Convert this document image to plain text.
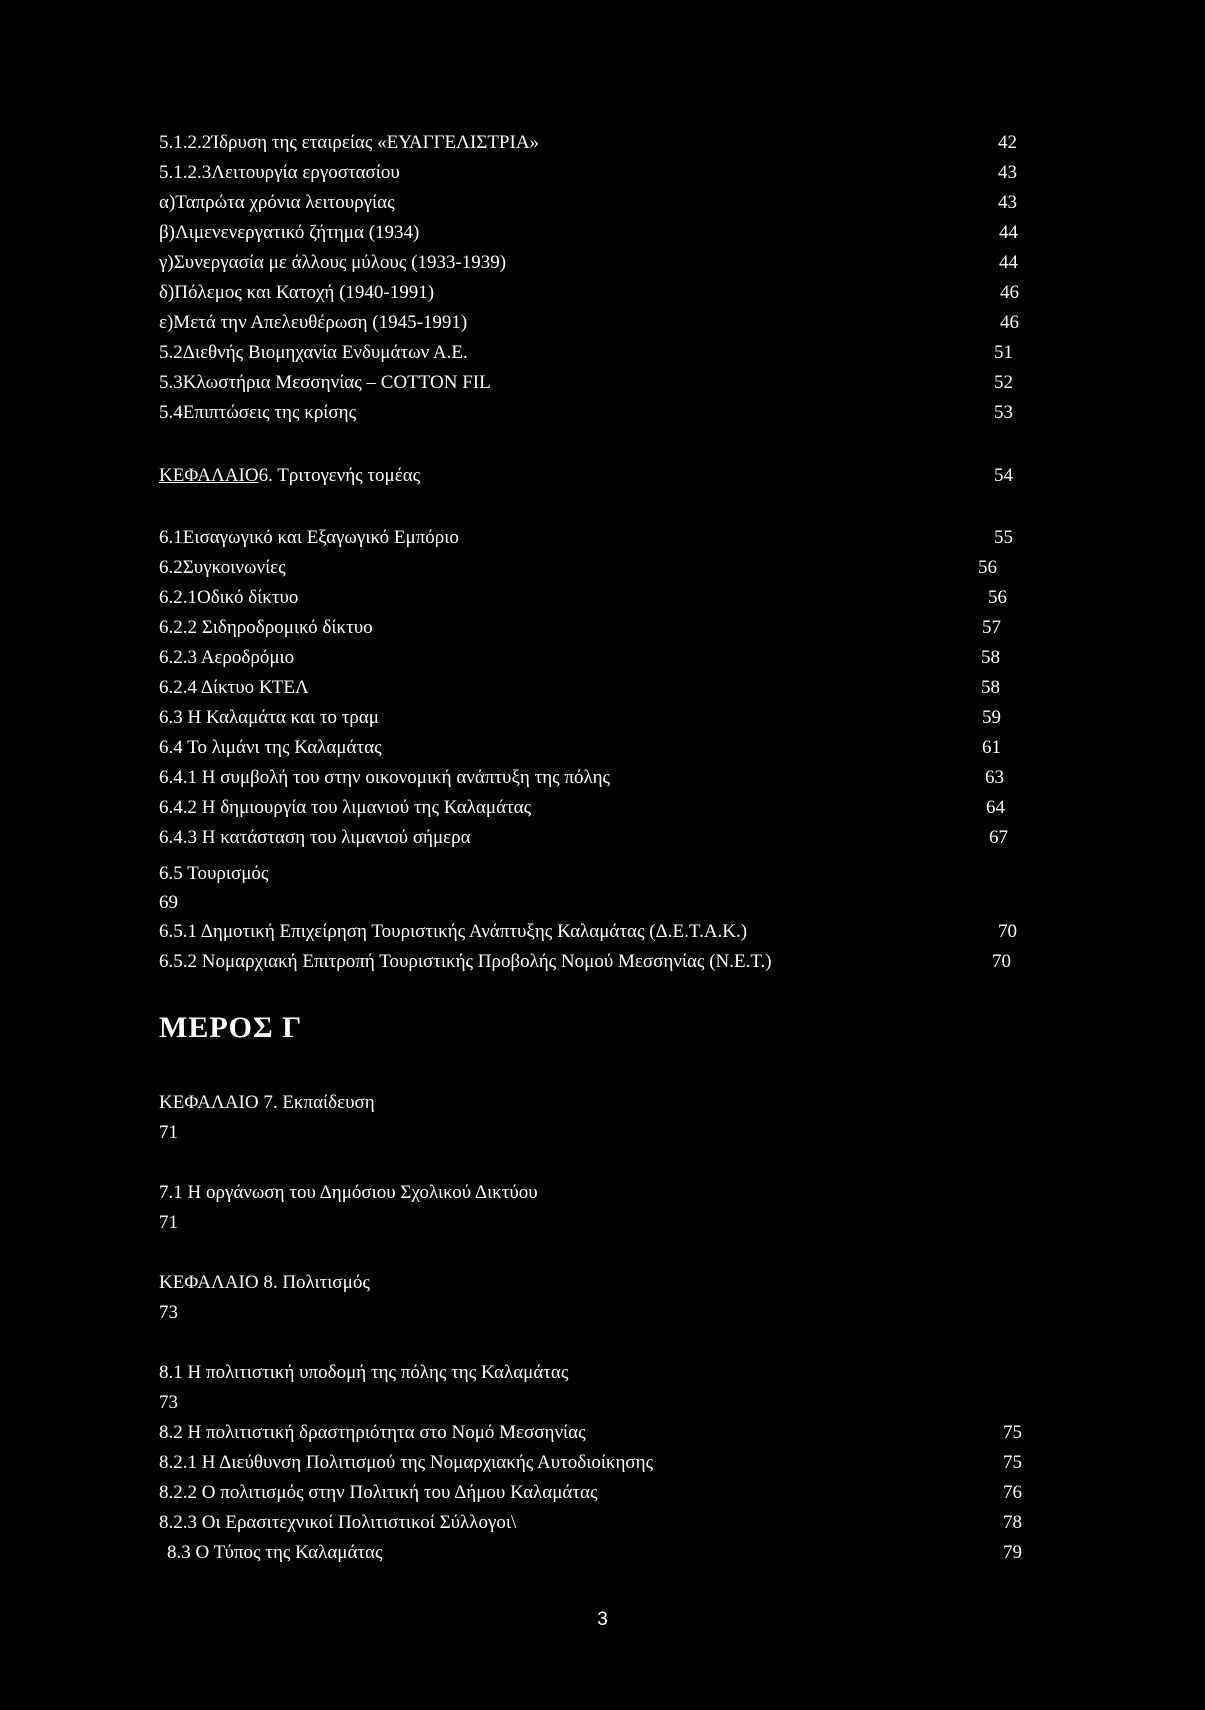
5.1.2.2Ίδρυση της εταιρείας «ΕΥΑΓΓΕΛΙΣΤΡΙΑ»	42
5.1.2.3Λειτουργία εργοστασίου	43
α)Ταπρώτα χρόνια λειτουργίας	43
β)Λιμενενεργατικό ζήτημα (1934)	44
γ)Συνεργασία με άλλους μύλους (1933-1939)	44
δ)Πόλεμος και Κατοχή (1940-1991)	46
ε)Μετά την Απελευθέρωση (1945-1991)	46
5.2Διεθνής Βιομηχανία Ενδυμάτων Α.Ε.	51
5.3Κλωστήρια Μεσσηνίας – COTTON FIL	52
5.4Επιπτώσεις της κρίσης	53
ΚΕΦΑΛΑΙΟ6. Τριτογενής τομέας	54
6.1Εισαγωγικό και Εξαγωγικό Εμπόριο	55
6.2Συγκοινωνίες	56
6.2.1Οδικό δίκτυο	56
6.2.2 Σιδηροδρομικό δίκτυο	57
6.2.3 Αεροδρόμιο	58
6.2.4 Δίκτυο ΚΤΕΛ	58
6.3 Η Καλαμάτα και το τραμ	59
6.4 Το λιμάνι της Καλαμάτας	61
6.4.1 Η συμβολή του στην οικονομική ανάπτυξη της πόλης	63
6.4.2 Η δημιουργία του λιμανιού της Καλαμάτας	64
6.4.3 Η κατάσταση του λιμανιού σήμερα	67
6.5 Τουρισμός
69
6.5.1 Δημοτική Επιχείρηση Τουριστικής Ανάπτυξης Καλαμάτας (Δ.Ε.Τ.Α.Κ.)	70
6.5.2 Νομαρχιακή Επιτροπή Τουριστικής Προβολής Νομού Μεσσηνίας (Ν.Ε.Τ.)	70
ΜΕΡΟΣ Γ
ΚΕΦΑΛΑΙΟ 7. Εκπαίδευση
71
7.1 Η οργάνωση του Δημόσιου Σχολικού Δικτύου
71
ΚΕΦΑΛΑΙΟ 8. Πολιτισμός
73
8.1 Η πολιτιστική υποδομή της πόλης της Καλαμάτας
73
8.2 Η πολιτιστική δραστηριότητα στο Νομό Μεσσηνίας	75
8.2.1 Η Διεύθυνση Πολιτισμού της Νομαρχιακής Αυτοδιοίκησης	75
8.2.2 Ο πολιτισμός στην Πολιτική του Δήμου Καλαμάτας	76
8.2.3 Οι Ερασιτεχνικοί Πολιτιστικοί Σύλλογοι\	78
8.3 Ο Τύπος της Καλαμάτας	79
3
